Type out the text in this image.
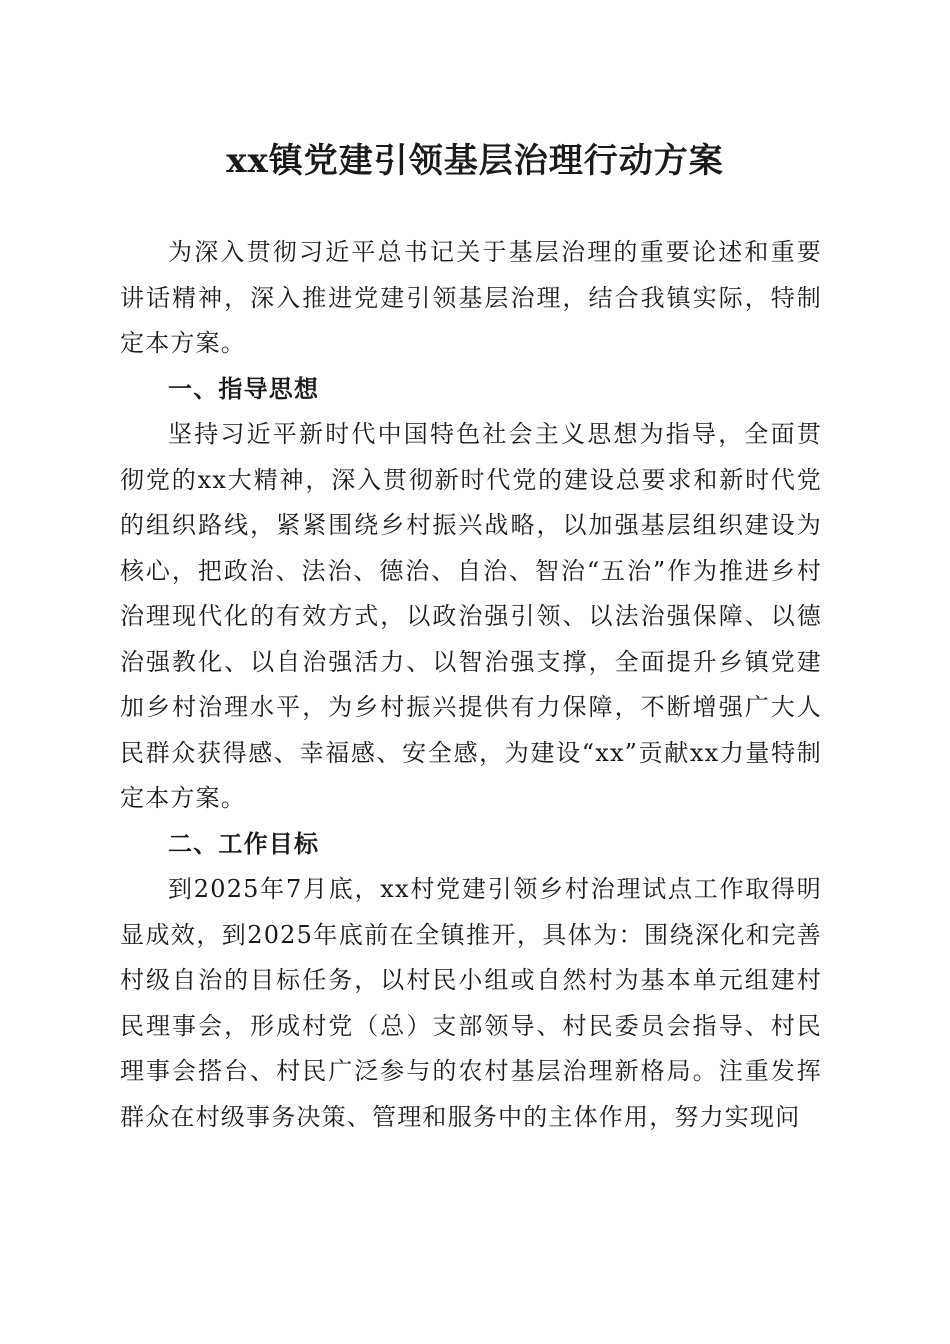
xx镇党建引领基层治理行动方案

为深入贯彻习近平总书记关于基层治理的重要论述和重要讲话精神，深入推进党建引领基层治理，结合我镇实际，特制定本方案。

一、指导思想

坚持习近平新时代中国特色社会主义思想为指导，全面贯彻党的xx大精神，深入贯彻新时代党的建设总要求和新时代党的组织路线，紧紧围绕乡村振兴战略，以加强基层组织建设为核心，把政治、法治、德治、自治、智治“五治”作为推进乡村治理现代化的有效方式，以政治强引领、以法治强保障、以德治强教化、以自治强活力、以智治强支撑，全面提升乡镇党建加乡村治理水平，为乡村振兴提供有力保障，不断增强广大人民群众获得感、幸福感、安全感，为建设“xx”贡献xx力量特制定本方案。

二、工作目标

到2025年7月底，xx村党建引领乡村治理试点工作取得明显成效，到2025年底前在全镇推开，具体为：围绕深化和完善村级自治的目标任务，以村民小组或自然村为基本单元组建村民理事会，形成村党（总）支部领导、村民委员会指导、村民理事会搭台、村民广泛参与的农村基层治理新格局。注重发挥群众在村级事务决策、管理和服务中的主体作用，努力实现问
